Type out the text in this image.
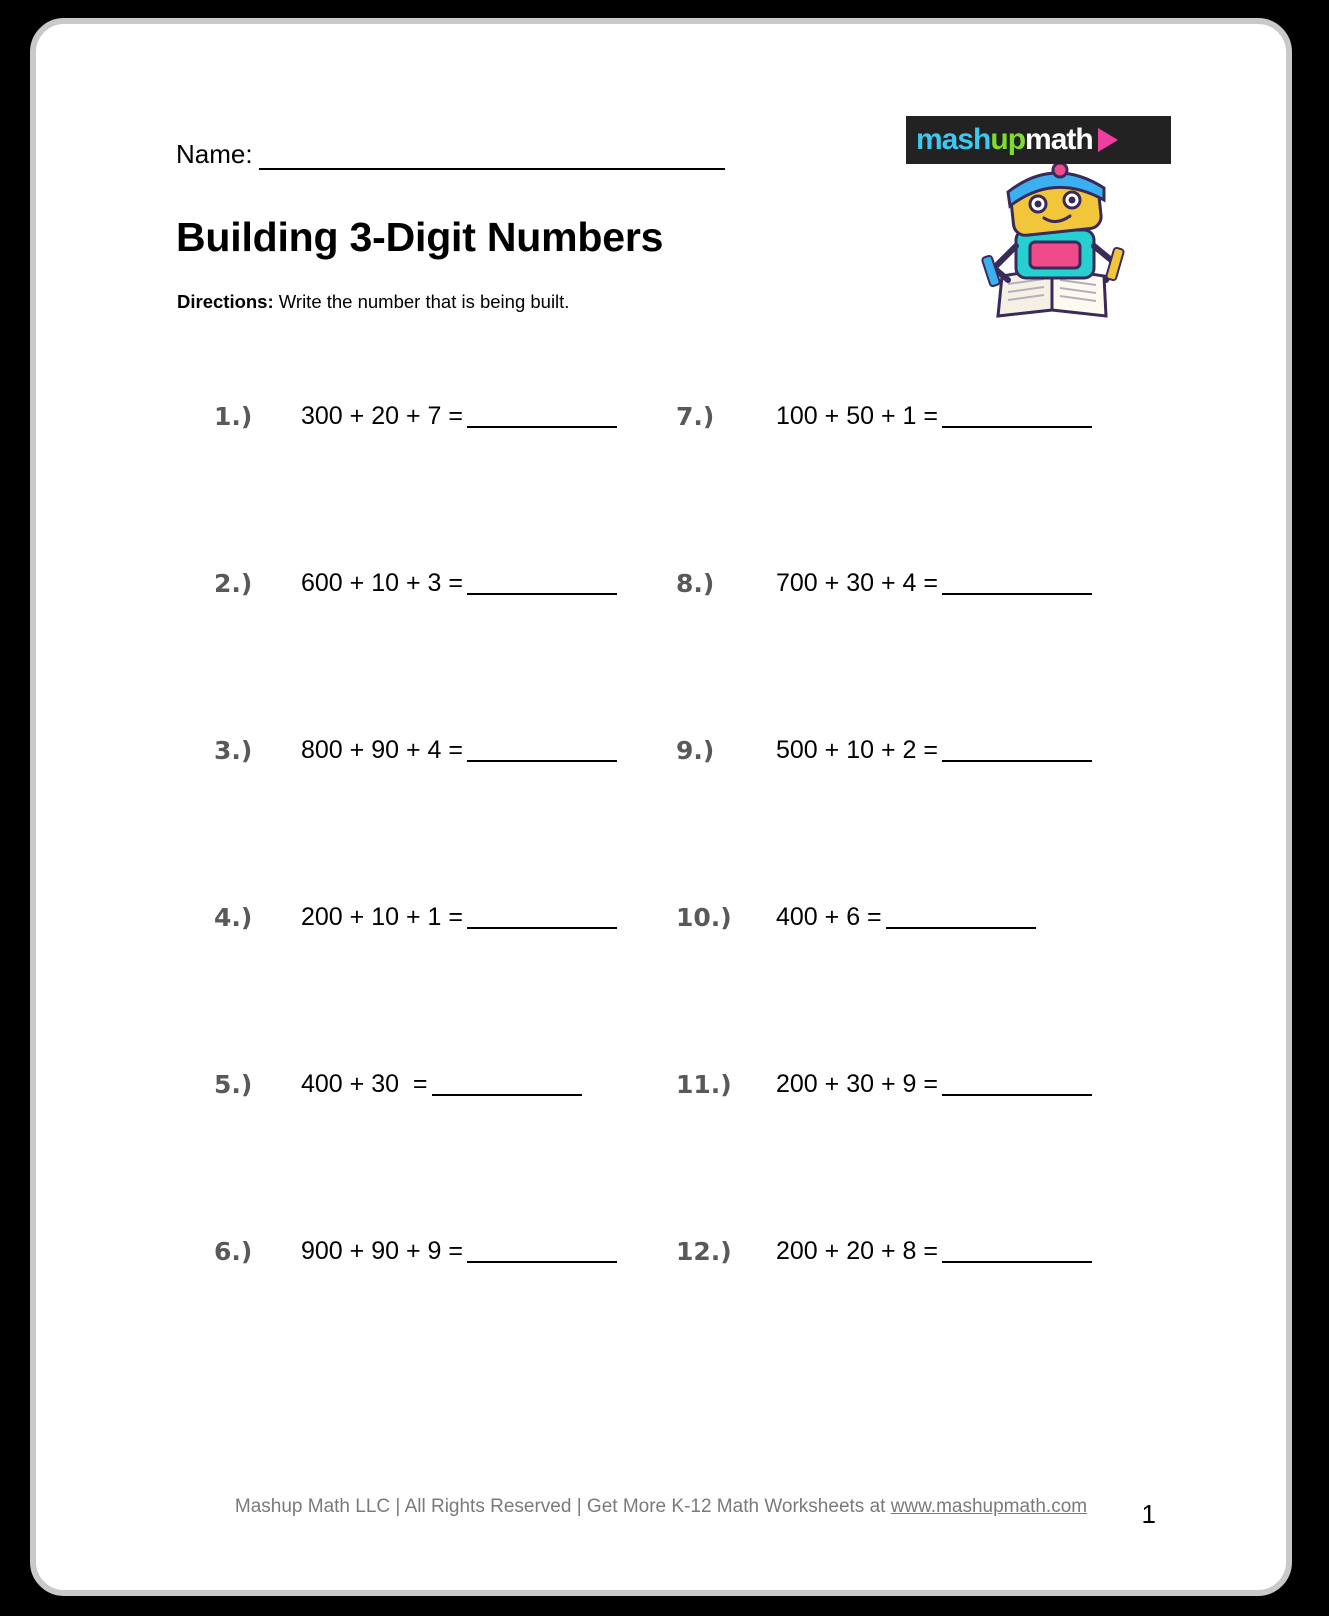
Name:
Building 3-Digit Numbers
Directions: Write the number that is being built.
mashupmath
1.) 300 + 20 + 7 =
2.) 600 + 10 + 3 =
3.) 800 + 90 + 4 =
4.) 200 + 10 + 1 =
5.) 400 + 30  =
6.) 900 + 90 + 9 =
7.) 100 + 50 + 1 =
8.) 700 + 30 + 4 =
9.) 500 + 10 + 2 =
10.) 400 + 6 =
11.) 200 + 30 + 9 =
12.) 200 + 20 + 8 =
Mashup Math LLC | All Rights Reserved | Get More K-12 Math Worksheets at www.mashupmath.com	1
